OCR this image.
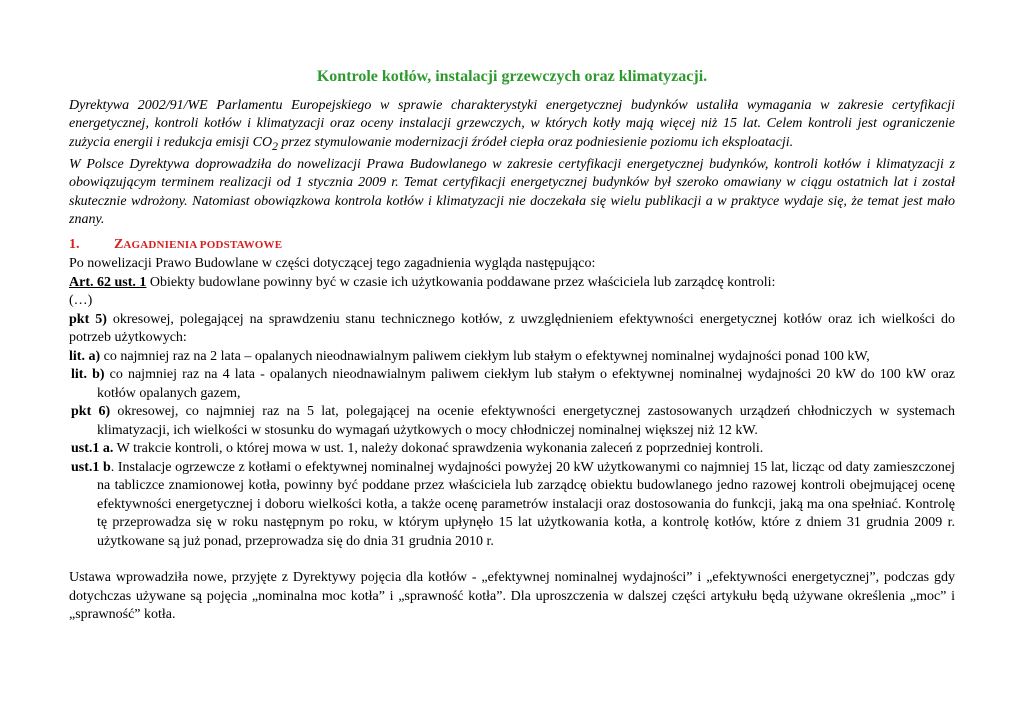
Kontrole kotłów, instalacji grzewczych oraz klimatyzacji.

Dyrektywa 2002/91/WE Parlamentu Europejskiego w sprawie charakterystyki energetycznej budynków ustaliła wymagania w zakresie certyfikacji energetycznej, kontroli kotłów i klimatyzacji oraz oceny instalacji grzewczych, w których kotły mają więcej niż 15 lat. Celem kontroli jest ograniczenie zużycia energii i redukcja emisji $CO_2$ przez stymulowanie modernizacji źródeł ciepła oraz podniesienie poziomu ich eksploatacji.

W Polsce Dyrektywa doprowadziła do nowelizacji Prawa Budowlanego w zakresie certyfikacji energetycznej budynków, kontroli kotłów i klimatyzacji z obowiązującym terminem realizacji od 1 stycznia 2009 r. Temat certyfikacji energetycznej budynków był szeroko omawiany w ciągu ostatnich lat i został skutecznie wdrożony. Natomiast obowiązkowa kontrola kotłów i klimatyzacji nie doczekała się wielu publikacji a w praktyce wydaje się, że temat jest mało znany.

1. ZAGADNIENIA PODSTAWOWE

Po nowelizacji Prawo Budowlane w części dotyczącej tego zagadnienia wygląda następująco:

Art. 62 ust. 1 Obiekty budowlane powinny być w czasie ich użytkowania poddawane przez właściciela lub zarządcę kontroli:

(…)

pkt 5) okresowej, polegającej na sprawdzeniu stanu technicznego kotłów, z uwzględnieniem efektywności energetycznej kotłów oraz ich wielkości do potrzeb użytkowych:

lit. a) co najmniej raz na 2 lata – opalanych nieodnawialnym paliwem ciekłym lub stałym o efektywnej nominalnej wydajności ponad 100 kW,

lit. b) co najmniej raz na 4 lata - opalanych nieodnawialnym paliwem ciekłym lub stałym o efektywnej nominalnej wydajności 20 kW do 100 kW oraz kotłów opalanych gazem,

pkt 6) okresowej, co najmniej raz na 5 lat, polegającej na ocenie efektywności energetycznej zastosowanych urządzeń chłodniczych w systemach klimatyzacji, ich wielkości w stosunku do wymagań użytkowych o mocy chłodniczej nominalnej większej niż 12 kW.

ust.1 a. W trakcie kontroli, o której mowa w ust. 1, należy dokonać sprawdzenia wykonania zaleceń z poprzedniej kontroli.

ust.1 b. Instalacje ogrzewcze z kotłami o efektywnej nominalnej wydajności powyżej 20 kW użytkowanymi co najmniej 15 lat, licząc od daty zamieszczonej na tabliczce znamionowej kotła, powinny być poddane przez właściciela lub zarządcę obiektu budowlanego jedno razowej kontroli obejmującej ocenę efektywności energetycznej i doboru wielkości kotła, a także ocenę parametrów instalacji oraz dostosowania do funkcji, jaką ma ona spełniać. Kontrolę tę przeprowadza się w roku następnym po roku, w którym upłynęło 15 lat użytkowania kotła, a kontrolę kotłów, które z dniem 31 grudnia 2009 r. użytkowane są już ponad, przeprowadza się do dnia 31 grudnia 2010 r.

Ustawa wprowadziła nowe, przyjęte z Dyrektywy pojęcia dla kotłów - „efektywnej nominalnej wydajności” i „efektywności energetycznej”, podczas gdy dotychczas używane są pojęcia „nominalna moc kotła” i „sprawność kotła”. Dla uproszczenia w dalszej części artykułu będą używane określenia „moc” i „sprawność” kotła.
